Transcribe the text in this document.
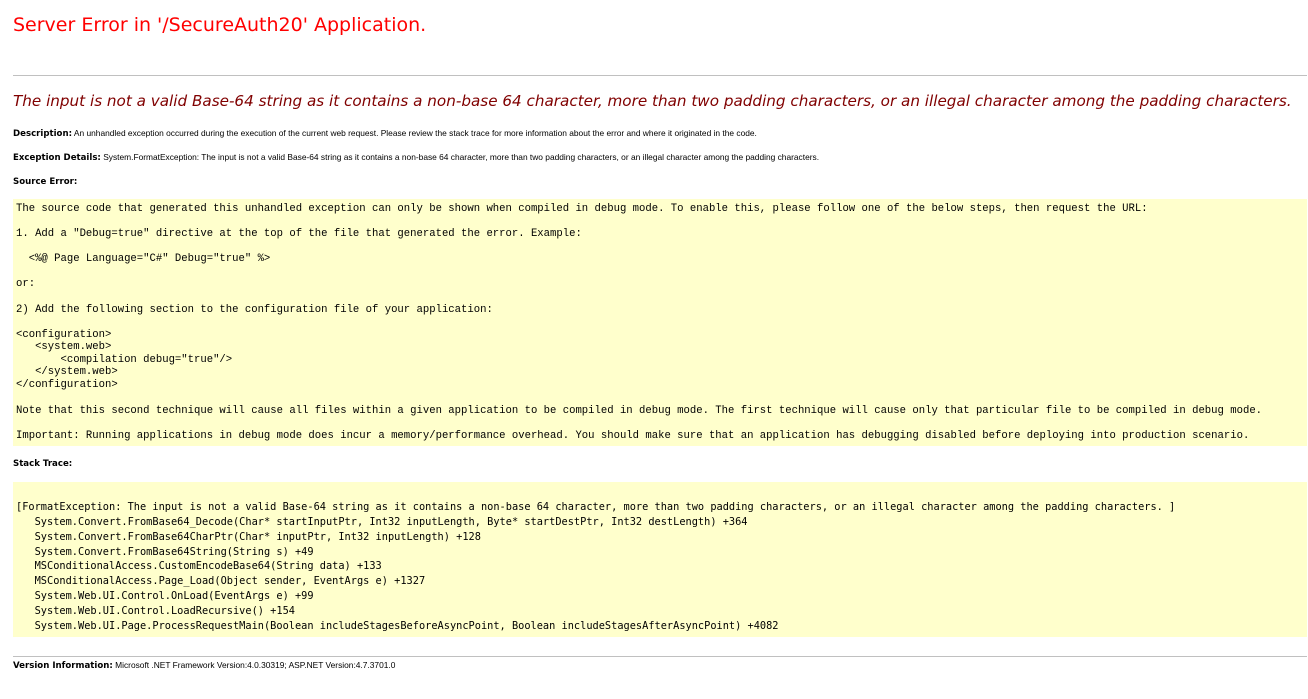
Server Error in '/SecureAuth20' Application.
The input is not a valid Base-64 string as it contains a non-base 64 character, more than two padding characters, or an illegal character among the padding characters.
Description: An unhandled exception occurred during the execution of the current web request. Please review the stack trace for more information about the error and where it originated in the code.
Exception Details: System.FormatException: The input is not a valid Base-64 string as it contains a non-base 64 character, more than two padding characters, or an illegal character among the padding characters.
Source Error:
The source code that generated this unhandled exception can only be shown when compiled in debug mode. To enable this, please follow one of the below steps, then request the URL:
1. Add a "Debug=true" directive at the top of the file that generated the error. Example:
<%@ Page Language="C#" Debug="true" %>
or:
2) Add the following section to the configuration file of your application:
<configuration>
<system.web>
<compilation debug="true"/>
</system.web>
</configuration>
Note that this second technique will cause all files within a given application to be compiled in debug mode. The first technique will cause only that particular file to be compiled in debug mode.
Important: Running applications in debug mode does incur a memory/performance overhead. You should make sure that an application has debugging disabled before deploying into production scenario.
Stack Trace:
[FormatException: The input is not a valid Base-64 string as it contains a non-base 64 character, more than two padding characters, or an illegal character among the padding characters. ]
System.Convert.FromBase64_Decode(Char* startInputPtr, Int32 inputLength, Byte* startDestPtr, Int32 destLength) +364
System.Convert.FromBase64CharPtr(Char* inputPtr, Int32 inputLength) +128
System.Convert.FromBase64String(String s) +49
MSConditionalAccess.CustomEncodeBase64(String data) +133
MSConditionalAccess.Page_Load(Object sender, EventArgs e) +1327
System.Web.UI.Control.OnLoad(EventArgs e) +99
System.Web.UI.Control.LoadRecursive() +154
System.Web.UI.Page.ProcessRequestMain(Boolean includeStagesBeforeAsyncPoint, Boolean includeStagesAfterAsyncPoint) +4082
Version Information: Microsoft .NET Framework Version:4.0.30319; ASP.NET Version:4.7.3701.0
